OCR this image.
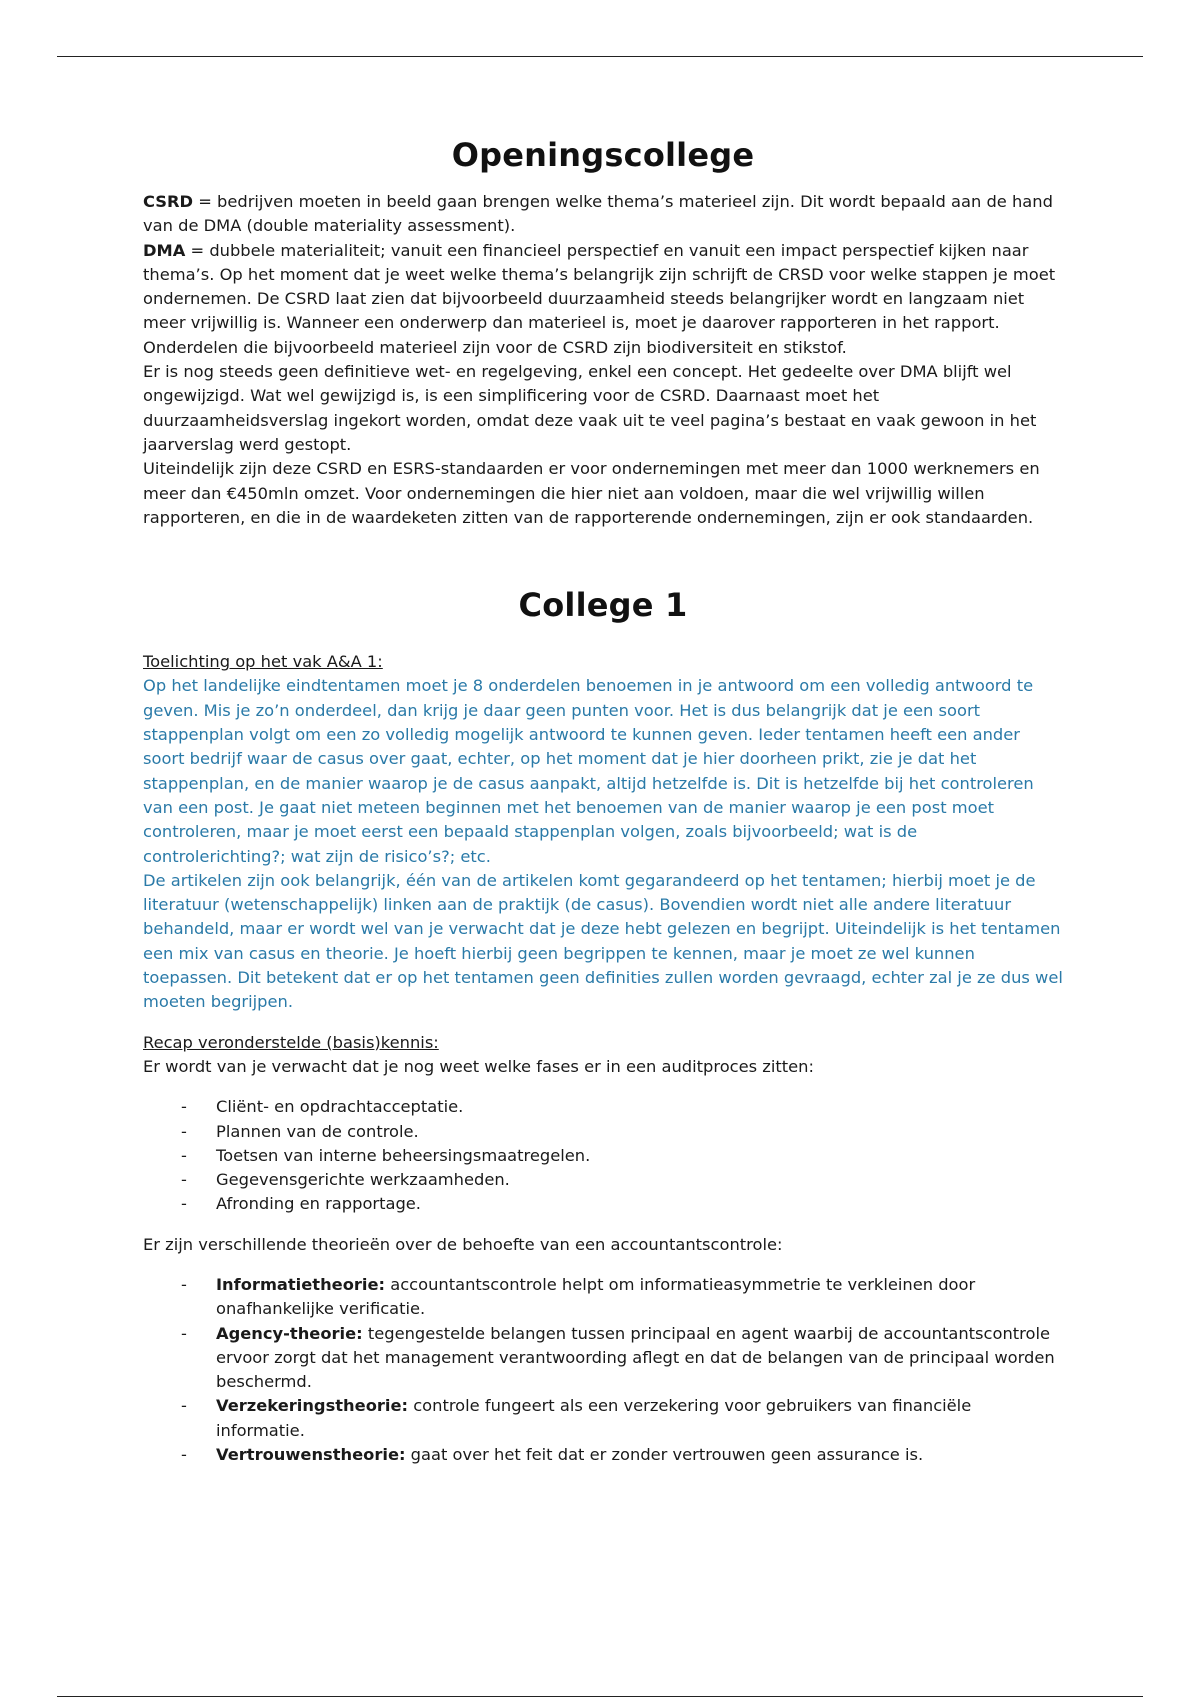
Openingscollege

CSRD = bedrijven moeten in beeld gaan brengen welke thema’s materieel zijn. Dit wordt bepaald aan de hand van de DMA (double materiality assessment).

DMA = dubbele materialiteit; vanuit een financieel perspectief en vanuit een impact perspectief kijken naar thema’s. Op het moment dat je weet welke thema’s belangrijk zijn schrijft de CRSD voor welke stappen je moet ondernemen. De CSRD laat zien dat bijvoorbeeld duurzaamheid steeds belangrijker wordt en langzaam niet meer vrijwillig is. Wanneer een onderwerp dan materieel is, moet je daarover rapporteren in het rapport. Onderdelen die bijvoorbeeld materieel zijn voor de CSRD zijn biodiversiteit en stikstof.

Er is nog steeds geen definitieve wet- en regelgeving, enkel een concept. Het gedeelte over DMA blijft wel ongewijzigd. Wat wel gewijzigd is, is een simplificering voor de CSRD. Daarnaast moet het duurzaamheidsverslag ingekort worden, omdat deze vaak uit te veel pagina’s bestaat en vaak gewoon in het jaarverslag werd gestopt.

Uiteindelijk zijn deze CSRD en ESRS-standaarden er voor ondernemingen met meer dan 1000 werknemers en meer dan €450mln omzet. Voor ondernemingen die hier niet aan voldoen, maar die wel vrijwillig willen rapporteren, en die in de waardeketen zitten van de rapporterende ondernemingen, zijn er ook standaarden.

College 1

Toelichting op het vak A&A 1:

Op het landelijke eindtentamen moet je 8 onderdelen benoemen in je antwoord om een volledig antwoord te geven. Mis je zo’n onderdeel, dan krijg je daar geen punten voor. Het is dus belangrijk dat je een soort stappenplan volgt om een zo volledig mogelijk antwoord te kunnen geven. Ieder tentamen heeft een ander soort bedrijf waar de casus over gaat, echter, op het moment dat je hier doorheen prikt, zie je dat het stappenplan, en de manier waarop je de casus aanpakt, altijd hetzelfde is. Dit is hetzelfde bij het controleren van een post. Je gaat niet meteen beginnen met het benoemen van de manier waarop je een post moet controleren, maar je moet eerst een bepaald stappenplan volgen, zoals bijvoorbeeld; wat is de controlerichting?; wat zijn de risico’s?; etc.

De artikelen zijn ook belangrijk, één van de artikelen komt gegarandeerd op het tentamen; hierbij moet je de literatuur (wetenschappelijk) linken aan de praktijk (de casus). Bovendien wordt niet alle andere literatuur behandeld, maar er wordt wel van je verwacht dat je deze hebt gelezen en begrijpt. Uiteindelijk is het tentamen een mix van casus en theorie. Je hoeft hierbij geen begrippen te kennen, maar je moet ze wel kunnen toepassen. Dit betekent dat er op het tentamen geen definities zullen worden gevraagd, echter zal je ze dus wel moeten begrijpen.

Recap veronderstelde (basis)kennis:

Er wordt van je verwacht dat je nog weet welke fases er in een auditproces zitten:

- Cliënt- en opdrachtacceptatie.
- Plannen van de controle.
- Toetsen van interne beheersingsmaatregelen.
- Gegevensgerichte werkzaamheden.
- Afronding en rapportage.

Er zijn verschillende theorieën over de behoefte van een accountantscontrole:

- Informatietheorie: accountantscontrole helpt om informatieasymmetrie te verkleinen door onafhankelijke verificatie.
- Agency-theorie: tegengestelde belangen tussen principaal en agent waarbij de accountantscontrole ervoor zorgt dat het management verantwoording aflegt en dat de belangen van de principaal worden beschermd.
- Verzekeringstheorie: controle fungeert als een verzekering voor gebruikers van financiële informatie.
- Vertrouwenstheorie: gaat over het feit dat er zonder vertrouwen geen assurance is.
